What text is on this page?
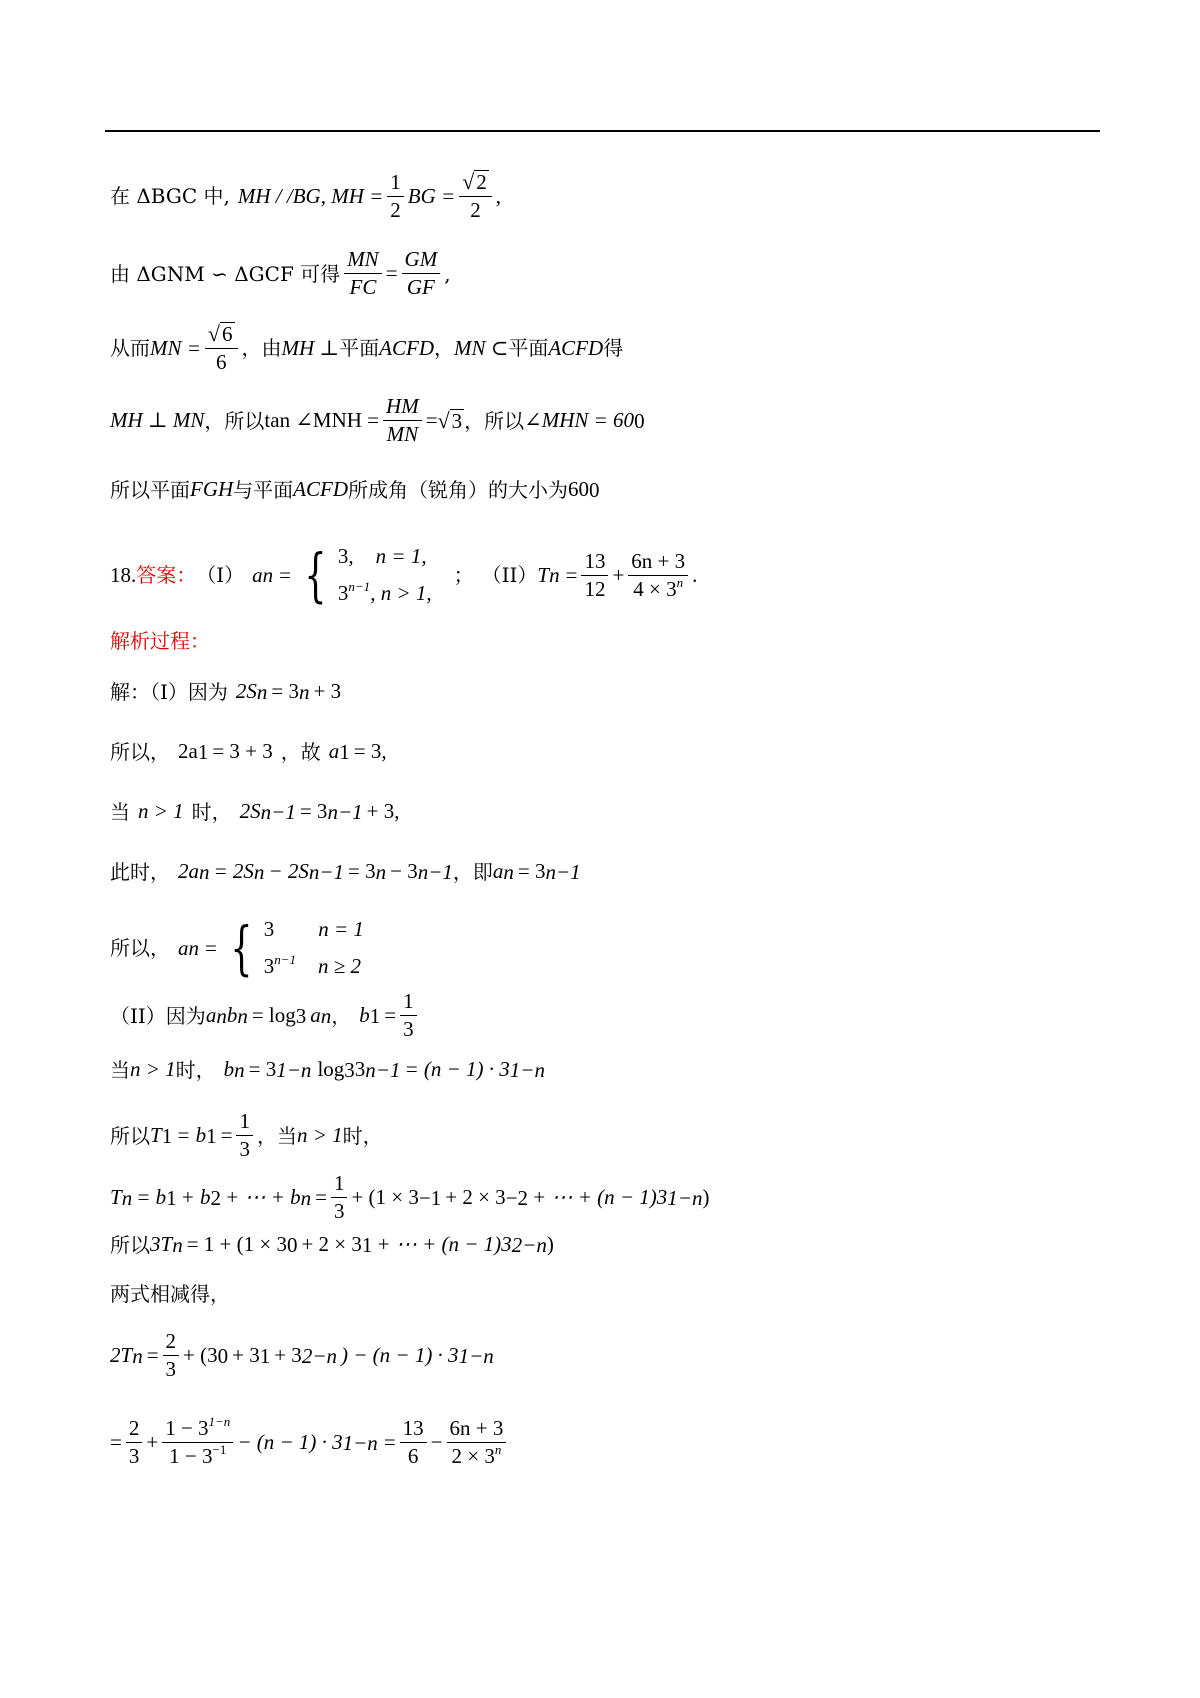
在 ΔBGC 中, MH / /BG, MH = $\frac{1}{2}$ BG = $\frac{√ 2}{2}$ ,
由 ΔGNM ∽ ΔGCF 可得 $\frac{MN}{FC} = \frac{GM}{GF}$ ,
从而 MN = $\frac{√ 6}{6}$ ，由 MH ⊥ 平面 ACFD ， MN ⊂ 平面 ACFD 得
MH ⊥ MN ，所以 tan ∠MNH = $\frac{HM}{MN}$ = √ 3 ，所以 ∠MHN = 60 0
所以平面 FGH 与平面 ACFD 所成角（锐角）的大小为 60 0
18. 答案： （I） a n = { 3, n = 1,
$3^{n-1}$, n > 1,
； （II） T $n = \frac{13}{12} + \frac{6n + 3}{4 \times 3^n}$ .
解析过程：
解：（I）因为 2S n = 3 n + 3
所以， 2a 1 = 3 + 3 ，故 a 1 = 3,
当 n > 1 时， 2S n−1 = 3 n−1 + 3,
此时， 2a n = 2S n − 2S n−1 = 3 n − 3 n−1 ，即 a n = 3 n−1
所以， a n = { 3 n = 1
$3^{n-1}$ n ≥ 2
（II）因为 a n b n = log 3 a n ， b $1 = \frac{1}{3}$
当 n > 1 时， b n = 3 1−n log 3 3 n−1 = (n − 1) · 3 1−n
所以 T 1 = b $1 = \frac{1}{3}$ ，当 n > 1 时，
T n = b 1 + b 2 + ⋯ + b $n = \frac{1}{3} + (1 \times 3 -1 + 2 \times 3 -2$ + ⋯ + (n − 1)3 1−n )
所以 3T n = 1 + (1 × 3 0 + 2 × 3 1 + ⋯ + (n − 1)3 2−n )
两式相减得，
2T $n = \frac{2}{3} + (3$ 0 + 3 1 + 3 2−n ) − (n − 1) · 3 1−n
= $\frac{2}{3} + \frac{1 - 3^{1-n}}{1 - 3^{-1}} - (n - 1) \cdot 3$ $1-n = \frac{13}{6} - \frac{6n + 3}{2 \times 3^n}$
